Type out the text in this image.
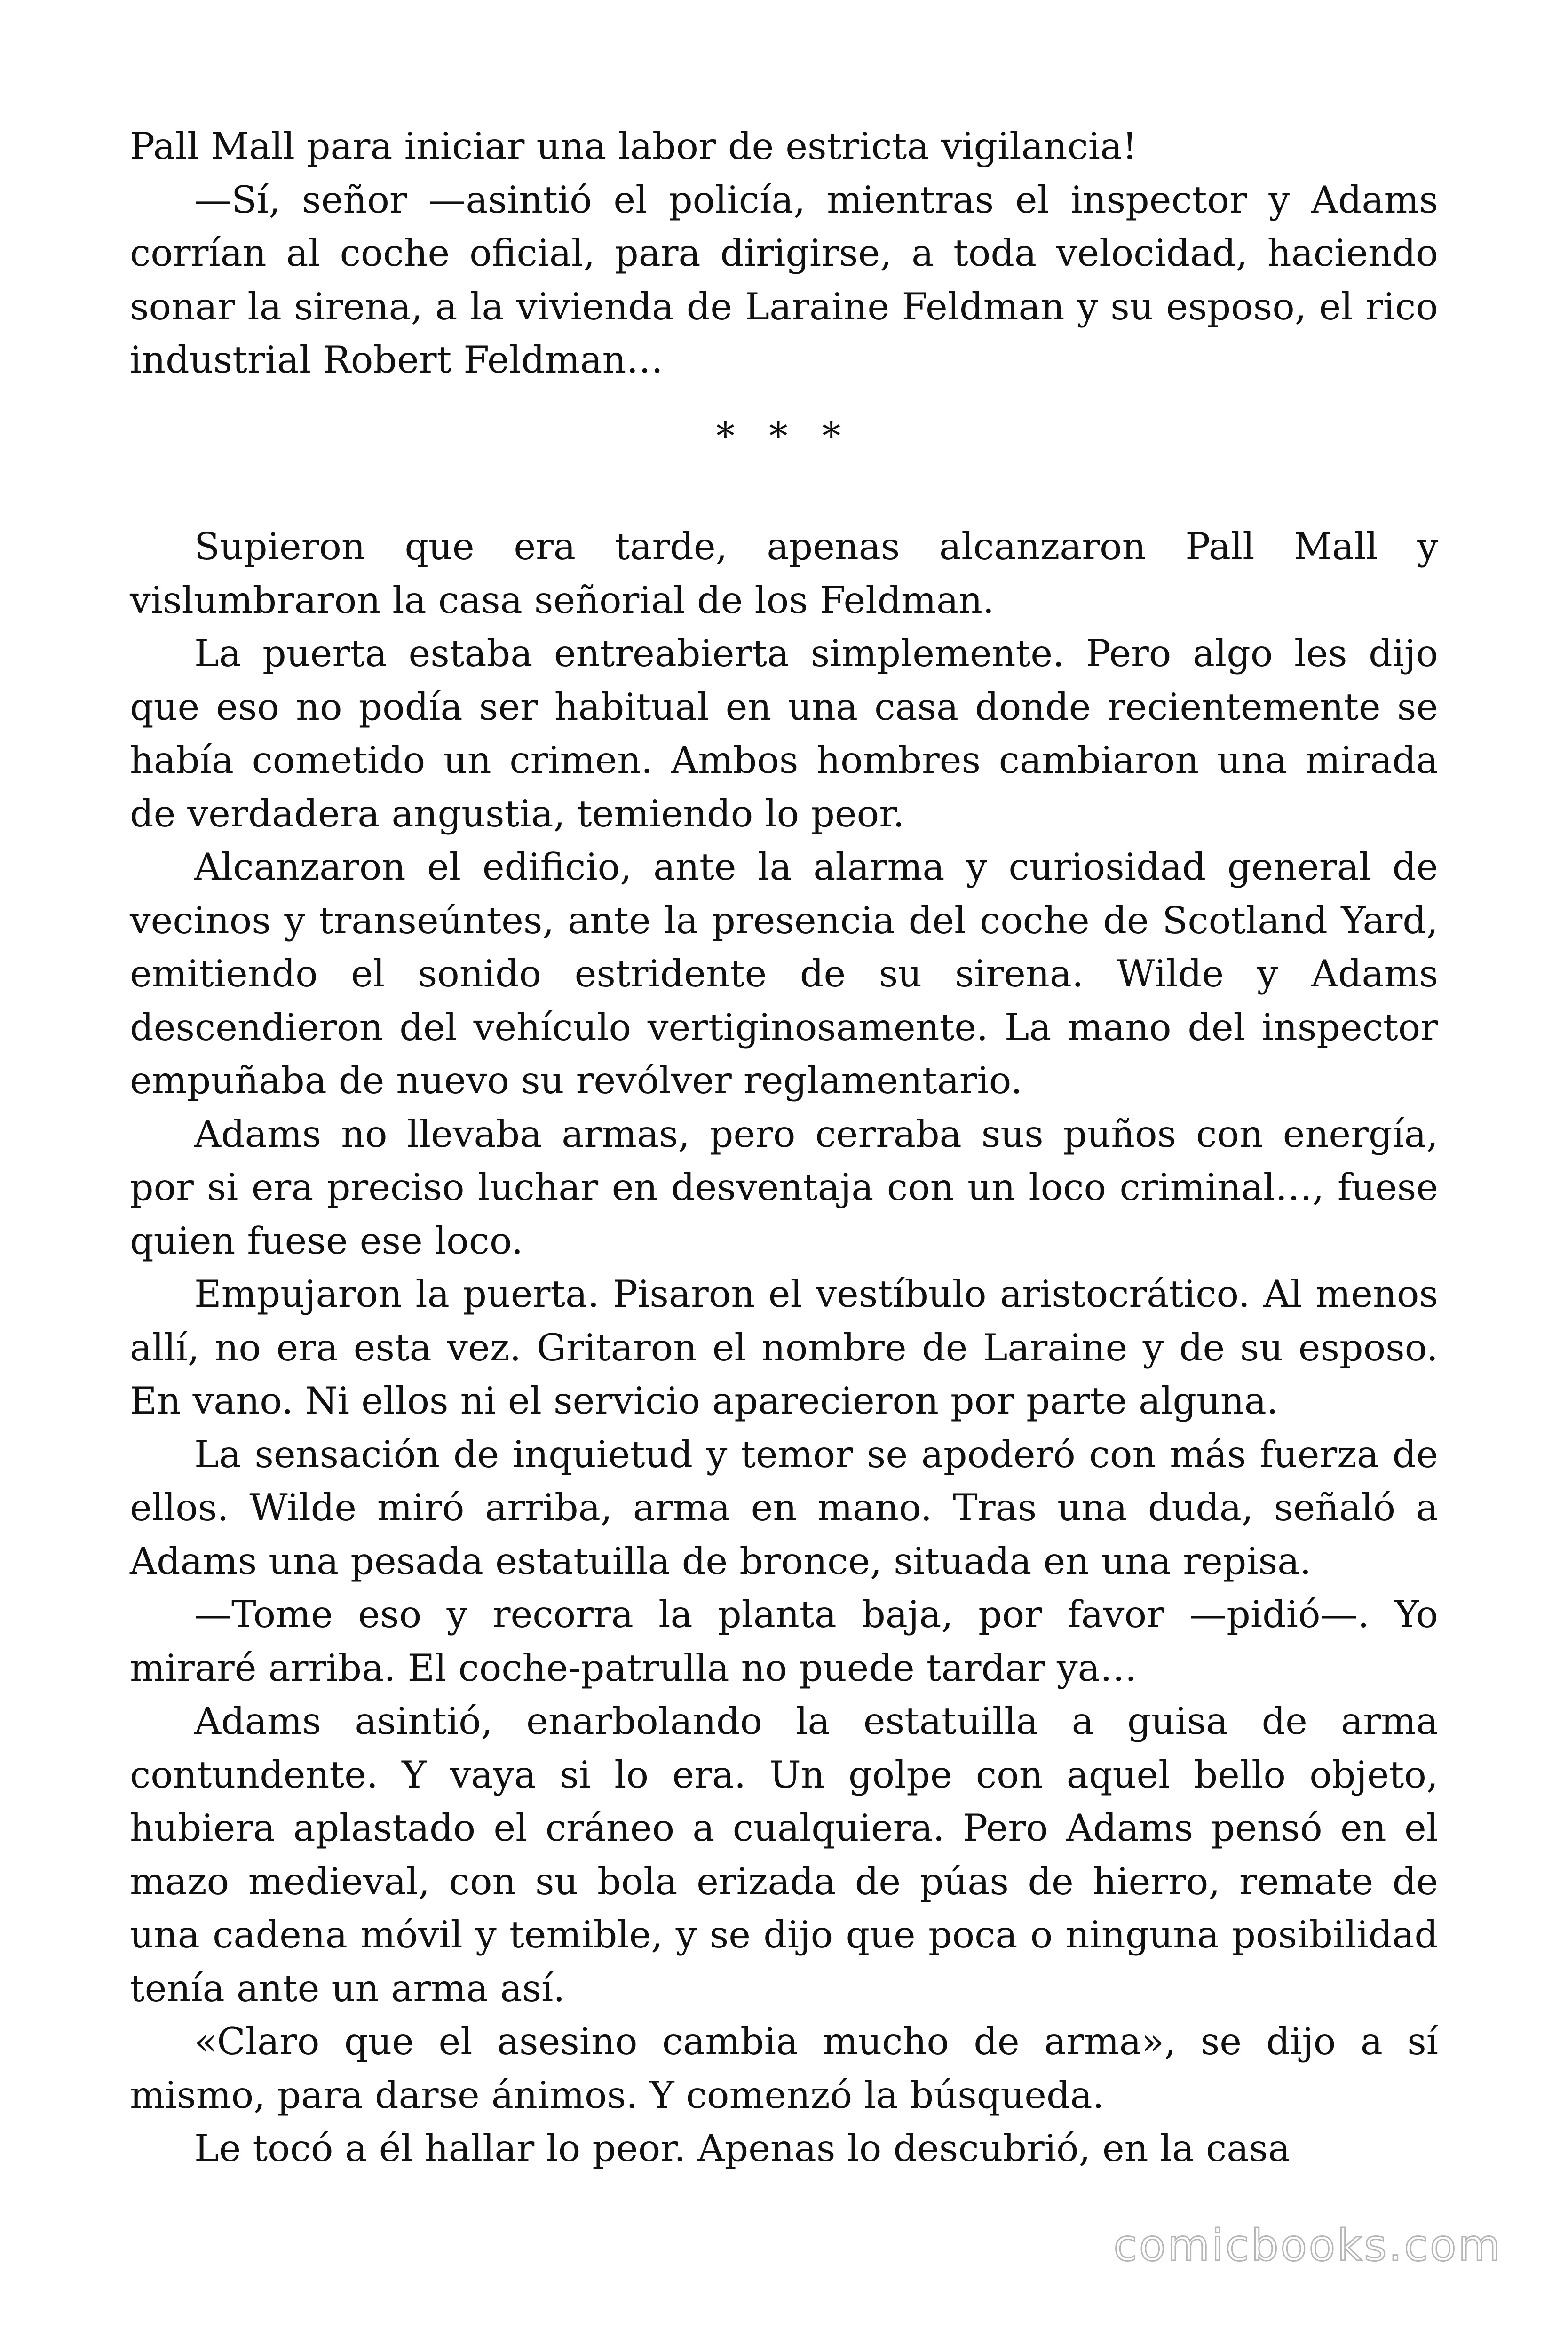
Pall Mall para iniciar una labor de estricta vigilancia!

—Sí, señor —asintió el policía, mientras el inspector y Adams corrían al coche oficial, para dirigirse, a toda velocidad, haciendo sonar la sirena, a la vivienda de Laraine Feldman y su esposo, el rico industrial Robert Feldman…

* * *

Supieron que era tarde, apenas alcanzaron Pall Mall y vislumbraron la casa señorial de los Feldman.

La puerta estaba entreabierta simplemente. Pero algo les dijo que eso no podía ser habitual en una casa donde recientemente se había cometido un crimen. Ambos hombres cambiaron una mirada de verdadera angustia, temiendo lo peor.

Alcanzaron el edificio, ante la alarma y curiosidad general de vecinos y transeúntes, ante la presencia del coche de Scotland Yard, emitiendo el sonido estridente de su sirena. Wilde y Adams descendieron del vehículo vertiginosamente. La mano del inspector empuñaba de nuevo su revólver reglamentario.

Adams no llevaba armas, pero cerraba sus puños con energía, por si era preciso luchar en desventaja con un loco criminal…, fuese quien fuese ese loco.

Empujaron la puerta. Pisaron el vestíbulo aristocrático. Al menos allí, no era esta vez. Gritaron el nombre de Laraine y de su esposo. En vano. Ni ellos ni el servicio aparecieron por parte alguna.

La sensación de inquietud y temor se apoderó con más fuerza de ellos. Wilde miró arriba, arma en mano. Tras una duda, señaló a Adams una pesada estatuilla de bronce, situada en una repisa.

—Tome eso y recorra la planta baja, por favor —pidió—. Yo miraré arriba. El coche-patrulla no puede tardar ya…

Adams asintió, enarbolando la estatuilla a guisa de arma contundente. Y vaya si lo era. Un golpe con aquel bello objeto, hubiera aplastado el cráneo a cualquiera. Pero Adams pensó en el mazo medieval, con su bola erizada de púas de hierro, remate de una cadena móvil y temible, y se dijo que poca o ninguna posibilidad tenía ante un arma así.

«Claro que el asesino cambia mucho de arma», se dijo a sí mismo, para darse ánimos. Y comenzó la búsqueda.

Le tocó a él hallar lo peor. Apenas lo descubrió, en la casa

comicbooks.com
